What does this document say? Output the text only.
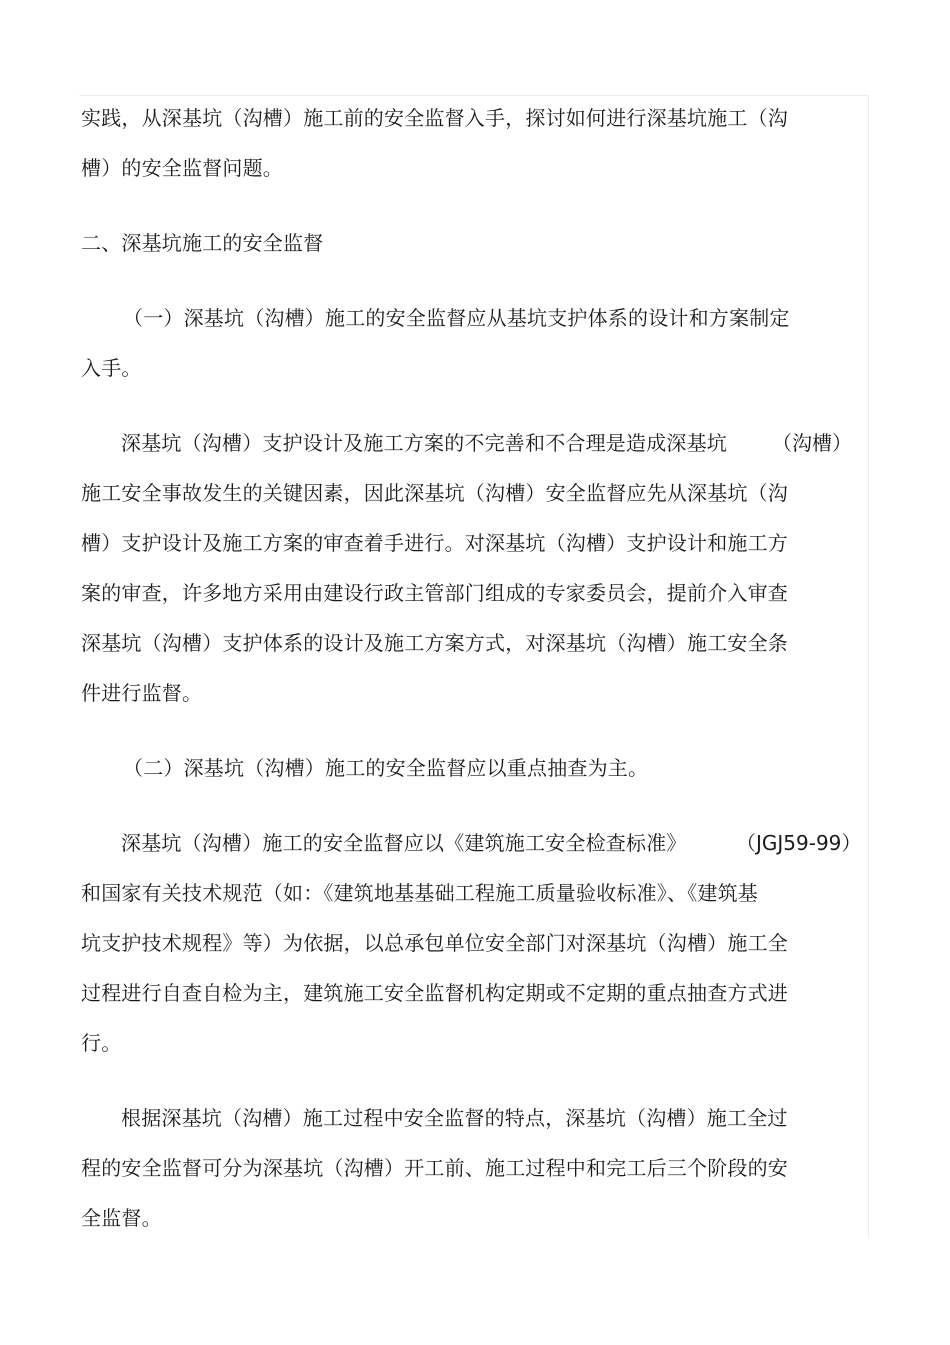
实践，从深基坑（沟槽）施工前的安全监督入手，探讨如何进行深基坑施工（沟
槽）的安全监督问题。
二、深基坑施工的安全监督
（一）深基坑（沟槽）施工的安全监督应从基坑支护体系的设计和方案制定
入手。
深基坑（沟槽）支护设计及施工方案的不完善和不合理是造成深基坑 （沟槽）
施工安全事故发生的关键因素，因此深基坑（沟槽）安全监督应先从深基坑（沟
槽）支护设计及施工方案的审查着手进行。对深基坑（沟槽）支护设计和施工方
案的审查，许多地方采用由建设行政主管部门组成的专家委员会，提前介入审查
深基坑（沟槽）支护体系的设计及施工方案方式，对深基坑（沟槽）施工安全条
件进行监督。
（二）深基坑（沟槽）施工的安全监督应以重点抽查为主。
深基坑（沟槽）施工的安全监督应以《建筑施工安全检查标准》 （JGJ59-99）
和国家有关技术规范（如：《建筑地基基础工程施工质量验收标准》、《建筑基
坑支护技术规程》等）为依据，以总承包单位安全部门对深基坑（沟槽）施工全
过程进行自查自检为主，建筑施工安全监督机构定期或不定期的重点抽查方式进
行。
根据深基坑（沟槽）施工过程中安全监督的特点，深基坑（沟槽）施工全过
程的安全监督可分为深基坑（沟槽）开工前、施工过程中和完工后三个阶段的安
全监督。
